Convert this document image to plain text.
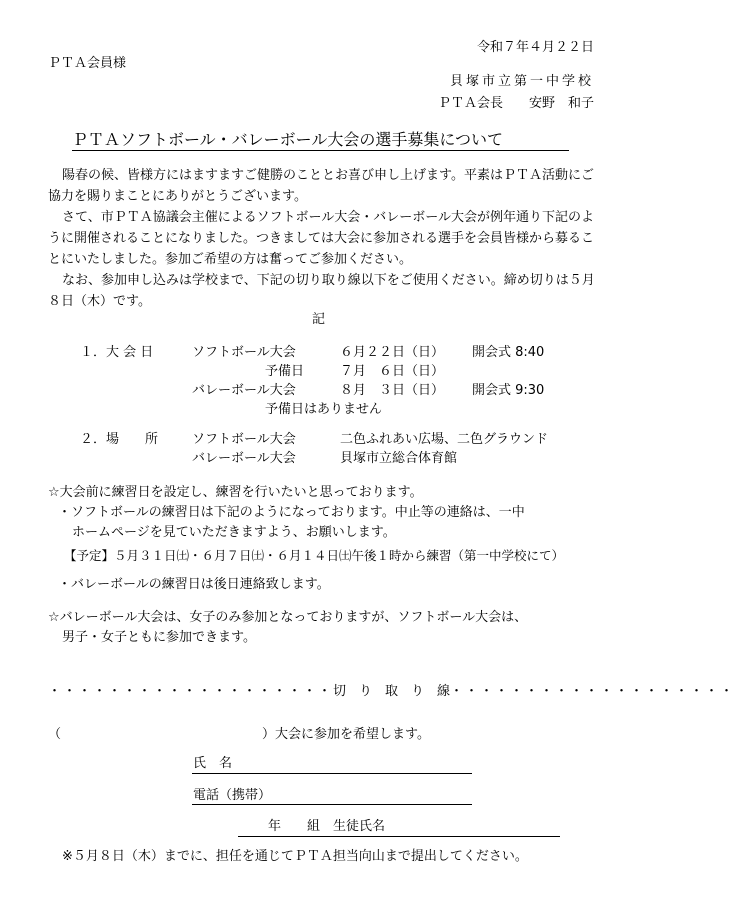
令和７年４月２２日
ＰＴＡ会員様
貝塚市立第一中学校
ＰＴＡ会長　　安野　和子
ＰＴＡソフトボール・バレーボール大会の選手募集について

陽春の候、皆様方にはますますご健勝のこととお喜び申し上げます。平素はＰＴＡ活動にご協力を賜りまことにありがとうございます。

さて、市ＰＴＡ協議会主催によるソフトボール大会・バレーボール大会が例年通り下記のように開催されることになりました。つきましては大会に参加される選手を会員皆様から募ることにいたしました。参加ご希望の方は奮ってご参加ください。

なお、参加申し込みは学校まで、下記の切り取り線以下をご使用ください。締め切りは５月８日（木）です。

記
１．大 会 日	ソフトボール大会	６月２２日（日） 開会式 8:40
予備日	７月　６日（日）
バレーボール大会	８月　３日（日） 開会式 9:30
予備日はありません
２．場　　所	ソフトボール大会	二色ふれあい広場、二色グラウンド
バレーボール大会	貝塚市立総合体育館
☆大会前に練習日を設定し、練習を行いたいと思っております。
・ソフトボールの練習日は下記のようになっております。中止等の連絡は、一中
ホームページを見ていただきますよう、お願いします。
【予定】５月３１日㈯・６月７日㈯・６月１４日㈯午後１時から練習（第一中学校にて）
・バレーボールの練習日は後日連絡致します。
☆バレーボール大会は、女子のみ参加となっておりますが、ソフトボール大会は、
男子・女子ともに参加できます。
・・・・・・・・・・・・・・・・・・・切　り　取　り　線・・・・・・・・・・・・・・・・・・・
（	）大会に参加を希望します。
氏　名
電話（携帯）
年　　組　生徒氏名
※５月８日（木）までに、担任を通じてＰＴＡ担当向山まで提出してください。
